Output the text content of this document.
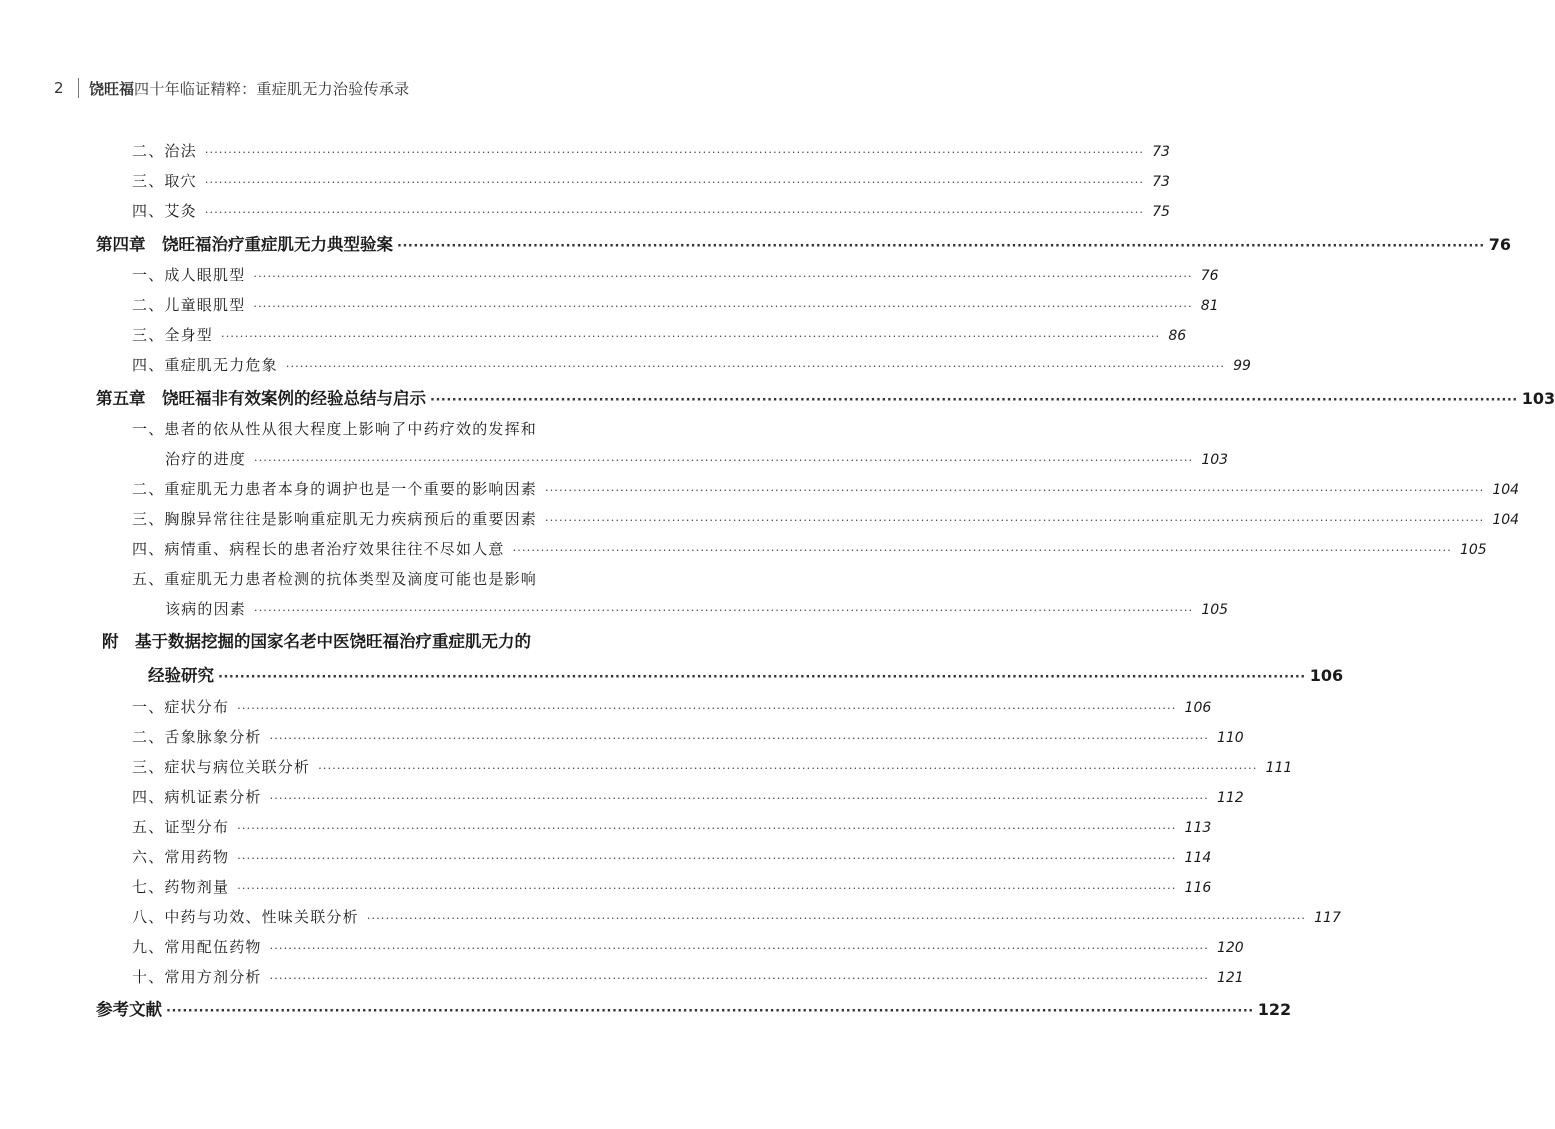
2	饶旺福 四十年临证精粹：重症肌无力治验传承录
二、治法 ········································································································································································································ 73
三、取穴 ········································································································································································································ 73
四、艾灸 ········································································································································································································ 75
第四章　饶旺福治疗重症肌无力典型验案 ········································································································································································································ 76
一、成人眼肌型 ········································································································································································································ 76
二、儿童眼肌型 ········································································································································································································ 81
三、全身型 ········································································································································································································ 86
四、重症肌无力危象 ········································································································································································································ 99
第五章　饶旺福非有效案例的经验总结与启示 ········································································································································································································ 103
一、患者的依从性从很大程度上影响了中药疗效的发挥和
治疗的进度 ········································································································································································································ 103
二、重症肌无力患者本身的调护也是一个重要的影响因素 ········································································································································································································ 104
三、胸腺异常往往是影响重症肌无力疾病预后的重要因素 ········································································································································································································ 104
四、病情重、病程长的患者治疗效果往往不尽如人意 ········································································································································································································ 105
五、重症肌无力患者检测的抗体类型及滴度可能也是影响
该病的因素 ········································································································································································································ 105
附　基于数据挖掘的国家名老中医饶旺福治疗重症肌无力的
经验研究 ········································································································································································································ 106
一、症状分布 ········································································································································································································ 106
二、舌象脉象分析 ········································································································································································································ 110
三、症状与病位关联分析 ········································································································································································································ 111
四、病机证素分析 ········································································································································································································ 112
五、证型分布 ········································································································································································································ 113
六、常用药物 ········································································································································································································ 114
七、药物剂量 ········································································································································································································ 116
八、中药与功效、性味关联分析 ········································································································································································································ 117
九、常用配伍药物 ········································································································································································································ 120
十、常用方剂分析 ········································································································································································································ 121
参考文献 ········································································································································································································ 122
